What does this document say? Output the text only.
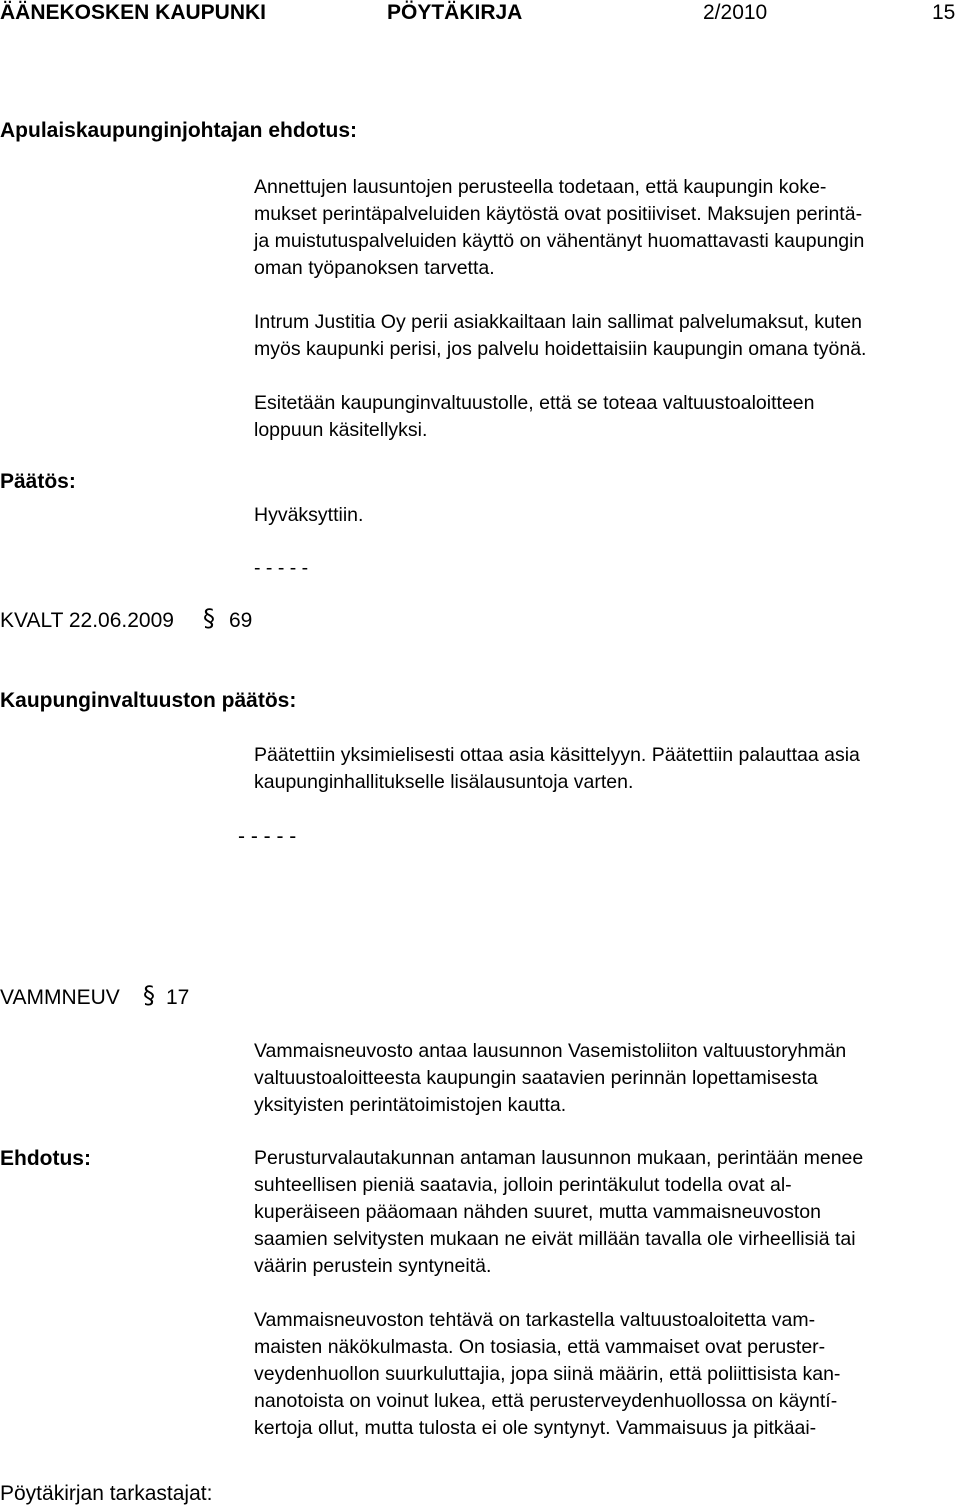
ÄÄNEKOSKEN KAUPUNKI	PÖYTÄKIRJA	2/2010	15
Apulaiskaupunginjohtajan ehdotus:
Annettujen lausuntojen perusteella todetaan, että kaupungin koke-
mukset perintäpalveluiden käytöstä ovat positiiviset. Maksujen perintä-
ja muistutuspalveluiden käyttö on vähentänyt huomattavasti kaupungin
oman työpanoksen tarvetta.
Intrum Justitia Oy perii asiakkailtaan lain sallimat palvelumaksut, kuten
myös kaupunki perisi, jos palvelu hoidettaisiin kaupungin omana työnä.
Esitetään kaupunginvaltuustolle, että se toteaa valtuustoaloitteen
loppuun käsitellyksi.
Päätös:
Hyväksyttiin.
- - - - -
KVALT 22.06.2009 § 69
Kaupunginvaltuuston päätös:
Päätettiin yksimielisesti ottaa asia käsittelyyn. Päätettiin palauttaa asia
kaupunginhallitukselle lisälausuntoja varten.
- - - - -
VAMMNEUV § 17
Vammaisneuvosto antaa lausunnon Vasemistoliiton valtuustoryhmän
valtuustoaloitteesta kaupungin saatavien perinnän lopettamisesta
yksityisten perintätoimistojen kautta.
Ehdotus:	Perusturvalautakunnan antaman lausunnon mukaan, perintään menee
suhteellisen pieniä saatavia, jolloin perintäkulut todella ovat al-
kuperäiseen pääomaan nähden suuret, mutta vammaisneuvoston
saamien selvitysten mukaan ne eivät millään tavalla ole virheellisiä tai
väärin perustein syntyneitä.
Vammaisneuvoston tehtävä on tarkastella valtuustoaloitetta vam-
maisten näkökulmasta. On tosiasia, että vammaiset ovat peruster-
veydenhuollon suurkuluttajia, jopa siinä määrin, että poliittisista kan-
nanotoista on voinut lukea, että perusterveydenhuollossa on käyntí-
kertoja ollut, mutta tulosta ei ole syntynyt. Vammaisuus ja pitkäai-
Pöytäkirjan tarkastajat:
